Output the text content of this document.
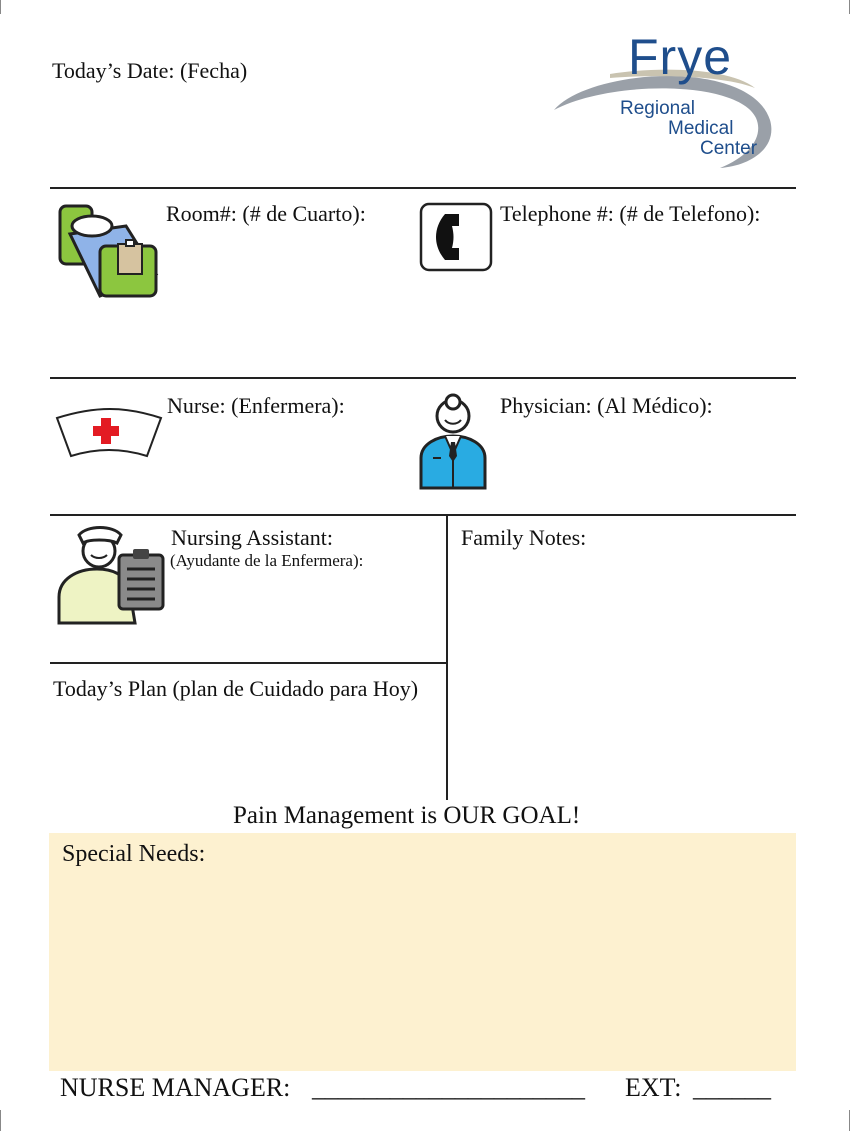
Today’s Date: (Fecha)	Frye
Regional
Medical
Center
Room#: (# de Cuarto):	Telephone #: (# de Telefono):
Nurse: (Enfermera):	Physician: (Al Médico):
Nursing Assistant:
(Ayudante de la Enfermera):
Family Notes:
Today’s Plan (plan de Cuidado para Hoy)
Pain Management is OUR GOAL!
Special Needs:
NURSE MANAGER: _____________________ EXT: ______
